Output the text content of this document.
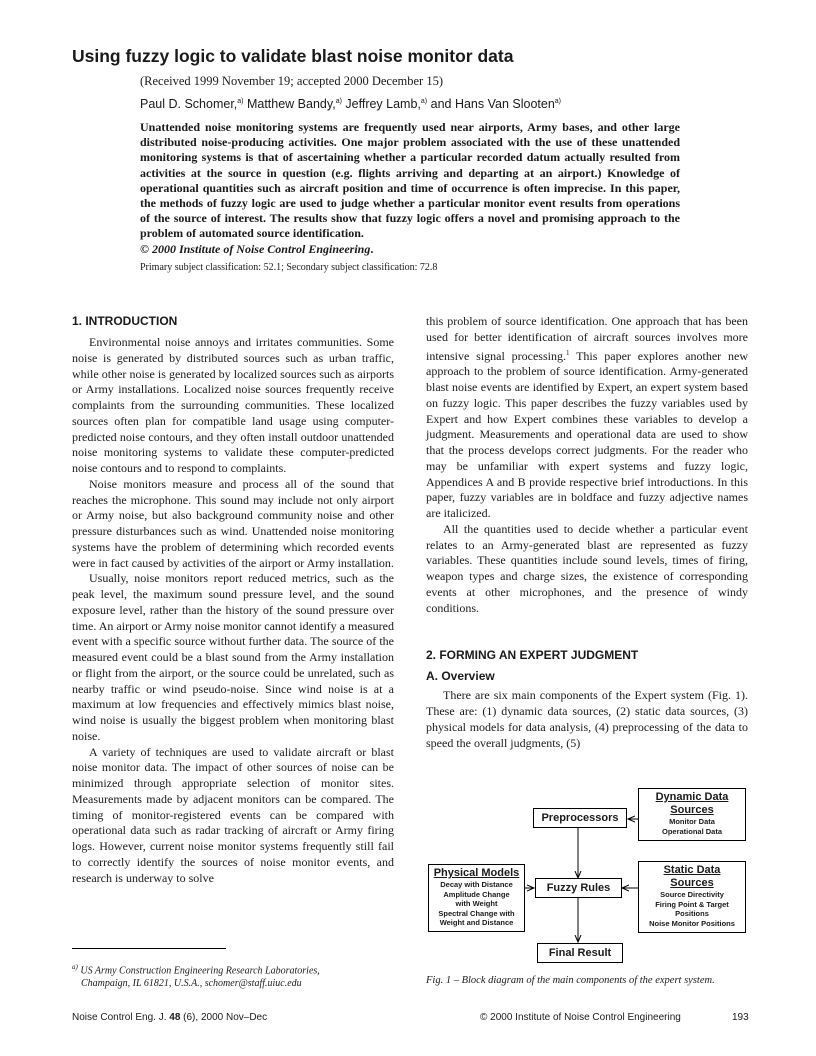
Using fuzzy logic to validate blast noise monitor data
(Received 1999 November 19; accepted 2000 December 15)
Paul D. Schomer,$^{a)}$ Matthew Bandy,$^{a)}$ Jeffrey Lamb,$^{a)}$ and Hans Van Slooten$^{a)}$

Unattended noise monitoring systems are frequently used near airports, Army bases, and other large distributed noise-producing activities. One major problem associated with the use of these unattended monitoring systems is that of ascertaining whether a particular recorded datum actually resulted from activities at the source in question (e.g. flights arriving and departing at an airport.) Knowledge of operational quantities such as aircraft position and time of occurrence is often imprecise. In this paper, the methods of fuzzy logic are used to judge whether a particular monitor event results from operations of the source of interest. The results show that fuzzy logic offers a novel and promising approach to the problem of automated source identification.
© 2000 Institute of Noise Control Engineering.

Primary subject classification: 52.1; Secondary subject classification: 72.8
1. INTRODUCTION

Environmental noise annoys and irritates communities. Some noise is generated by distributed sources such as urban traffic, while other noise is generated by localized sources such as airports or Army installations. Localized noise sources frequently receive complaints from the surrounding communities. These localized sources often plan for compatible land usage using computer-predicted noise contours, and they often install outdoor unattended noise monitoring systems to validate these computer-predicted noise contours and to respond to complaints.

Noise monitors measure and process all of the sound that reaches the microphone. This sound may include not only airport or Army noise, but also background community noise and other pressure disturbances such as wind. Unattended noise monitoring systems have the problem of determining which recorded events were in fact caused by activities of the airport or Army installation.

Usually, noise monitors report reduced metrics, such as the peak level, the maximum sound pressure level, and the sound exposure level, rather than the history of the sound pressure over time. An airport or Army noise monitor cannot identify a measured event with a specific source without further data. The source of the measured event could be a blast sound from the Army installation or flight from the airport, or the source could be unrelated, such as nearby traffic or wind pseudo-noise. Since wind noise is at a maximum at low frequencies and effectively mimics blast noise, wind noise is usually the biggest problem when monitoring blast noise.

A variety of techniques are used to validate aircraft or blast noise monitor data. The impact of other sources of noise can be minimized through appropriate selection of monitor sites. Measurements made by adjacent monitors can be compared. The timing of monitor-registered events can be compared with operational data such as radar tracking of aircraft or Army firing logs. However, current noise monitor systems frequently still fail to correctly identify the sources of noise monitor events, and research is underway to solve

this problem of source identification. One approach that has been used for better identification of aircraft sources involves more intensive signal processing.$^1$ This paper explores another new approach to the problem of source identification. Army-generated blast noise events are identified by Expert, an expert system based on fuzzy logic. This paper describes the fuzzy variables used by Expert and how Expert combines these variables to develop a judgment. Measurements and operational data are used to show that the process develops correct judgments. For the reader who may be unfamiliar with expert systems and fuzzy logic, Appendices A and B provide respective brief introductions. In this paper, fuzzy variables are in boldface and fuzzy adjective names are italicized.

All the quantities used to decide whether a particular event relates to an Army-generated blast are represented as fuzzy variables. These quantities include sound levels, times of firing, weapon types and charge sizes, the existence of corresponding events at other microphones, and the presence of windy conditions.

2. FORMING AN EXPERT JUDGMENT
A. Overview

There are six main components of the Expert system (Fig. 1). These are: (1) dynamic data sources, (2) static data sources, (3) physical models for data analysis, (4) preprocessing of the data to speed the overall judgments, (5)

Dynamic Data
Sources
Monitor Data
Operational Data
Preprocessors
Physical Models
Decay with Distance
Amplitude Change
with Weight
Spectral Change with
Weight and Distance
Fuzzy Rules
Static Data
Sources
Source Directivity
Firing Point & Target
Positions
Noise Monitor Positions
Final Result
$^{a)}$ US Army Construction Engineering Research Laboratories,
Champaign, IL 61821, U.S.A., schomer@staff.uiuc.edu	Fig. 1 – Block diagram of the main components of the expert system.
Noise Control Eng. J. 48 (6), 2000 Nov–Dec	© 2000 Institute of Noise Control Engineering	193
